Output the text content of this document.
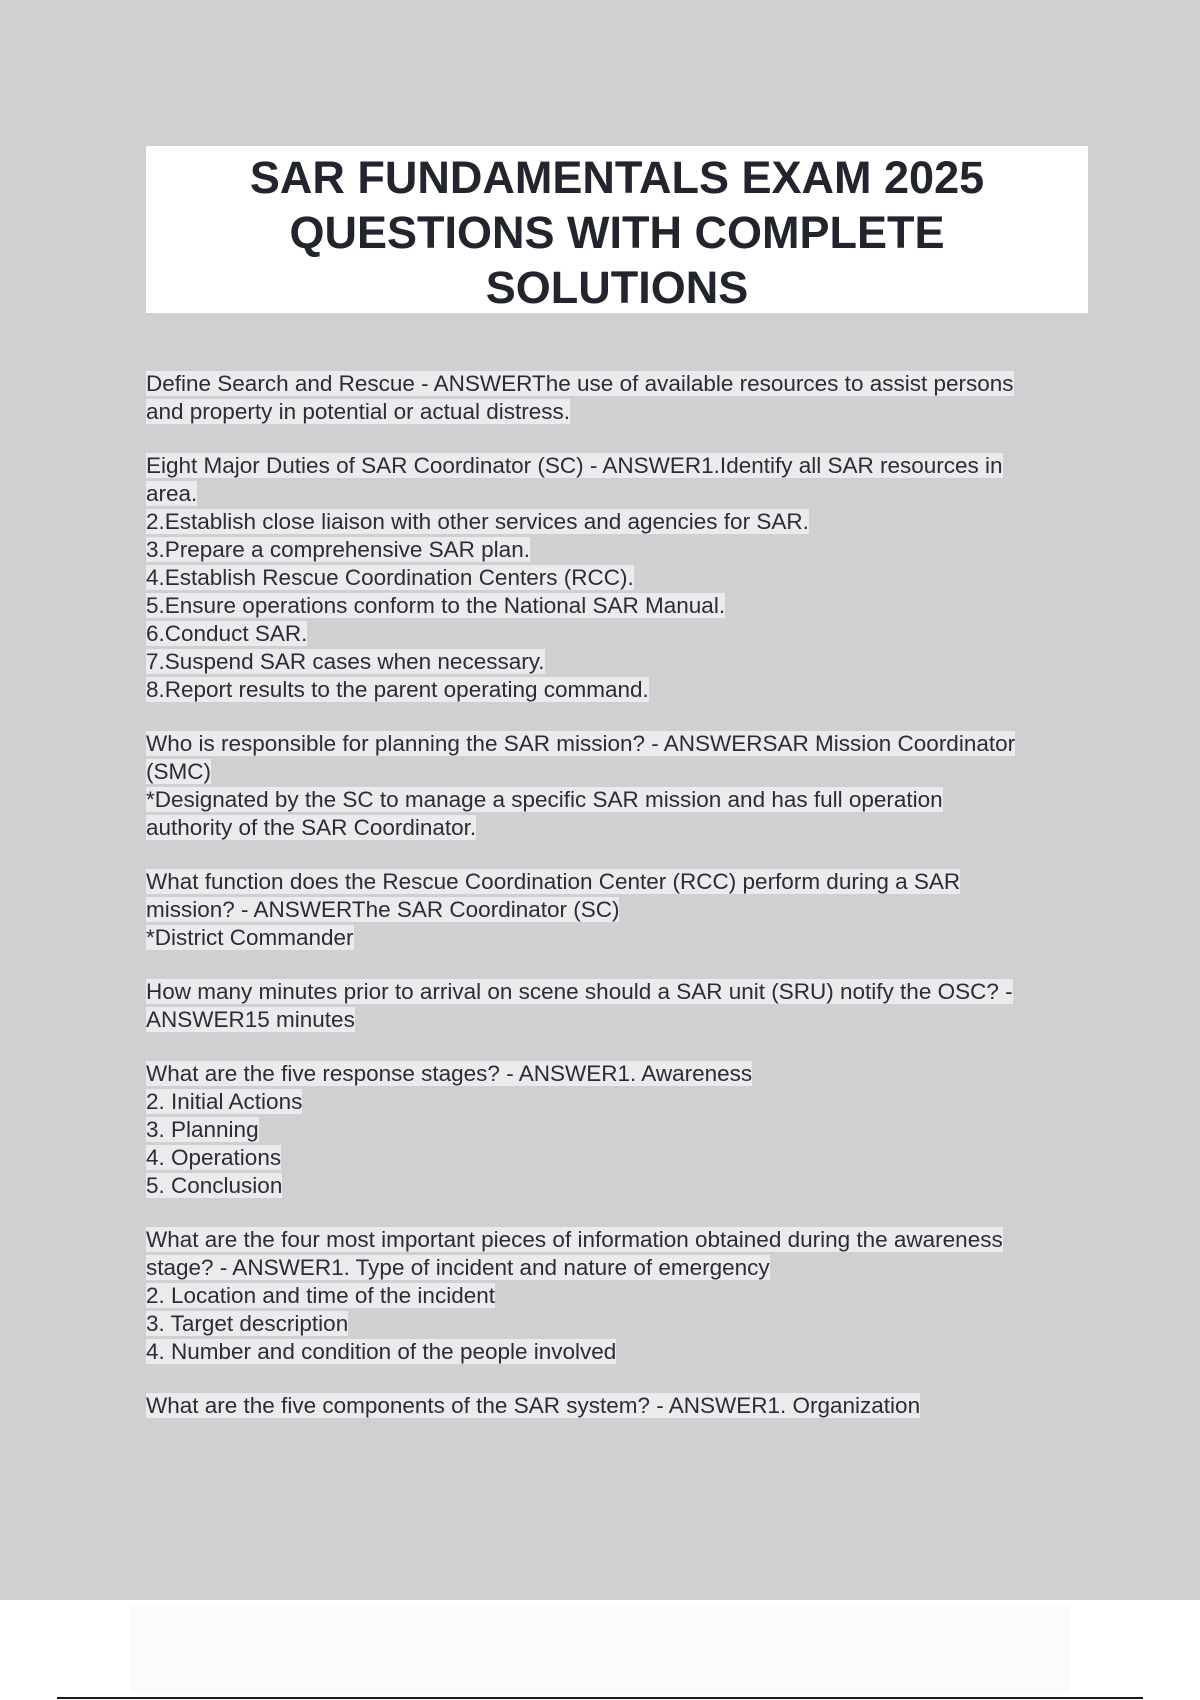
SAR FUNDAMENTALS EXAM 2025
QUESTIONS WITH COMPLETE
SOLUTIONS
Define Search and Rescue - ANSWERThe use of available resources to assist persons
and property in potential or actual distress.
Eight Major Duties of SAR Coordinator (SC) - ANSWER1.Identify all SAR resources in
area.
2.Establish close liaison with other services and agencies for SAR.
3.Prepare a comprehensive SAR plan.
4.Establish Rescue Coordination Centers (RCC).
5.Ensure operations conform to the National SAR Manual.
6.Conduct SAR.
7.Suspend SAR cases when necessary.
8.Report results to the parent operating command.
Who is responsible for planning the SAR mission? - ANSWERSAR Mission Coordinator
(SMC)
*Designated by the SC to manage a specific SAR mission and has full operation
authority of the SAR Coordinator.
What function does the Rescue Coordination Center (RCC) perform during a SAR
mission? - ANSWERThe SAR Coordinator (SC)
*District Commander
How many minutes prior to arrival on scene should a SAR unit (SRU) notify the OSC? -
ANSWER15 minutes
What are the five response stages? - ANSWER1. Awareness
2. Initial Actions
3. Planning
4. Operations
5. Conclusion
What are the four most important pieces of information obtained during the awareness
stage? - ANSWER1. Type of incident and nature of emergency
2. Location and time of the incident
3. Target description
4. Number and condition of the people involved
What are the five components of the SAR system? - ANSWER1. Organization
